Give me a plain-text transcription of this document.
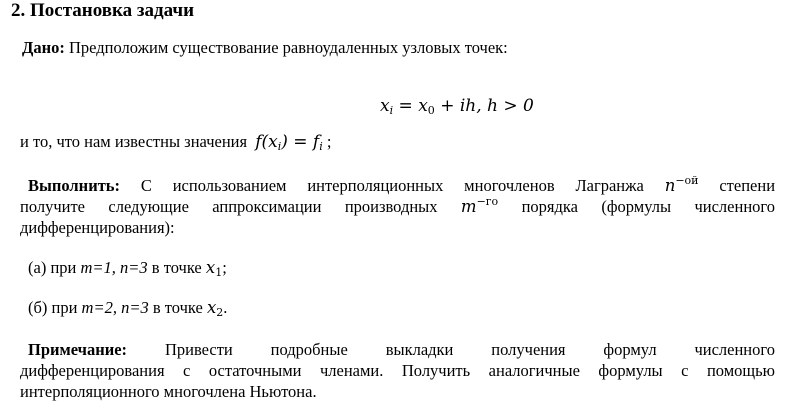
2. Постановка задачи
Дано: Предположим существование равноудаленных узловых точек:
$x_i = x_0$ + ih, h > 0
и то, что нам известны значения $f(x_i) = f_i$ ;
Выполнить: С использованием интерполяционных многочленов Лагранжа $n^{-ой}$ степени
получите следующие аппроксимации производных $m^{-го}$ порядка (формулы численного
дифференцирования):
(а) при m=1, n=3 в точке $x_1$;
(б) при m=2, n=3 в точке $x_2$.
Примечание: Привести подробные выкладки получения формул численного
дифференцирования с остаточными членами. Получить аналогичные формулы с помощью
интерполяционного многочлена Ньютона.
